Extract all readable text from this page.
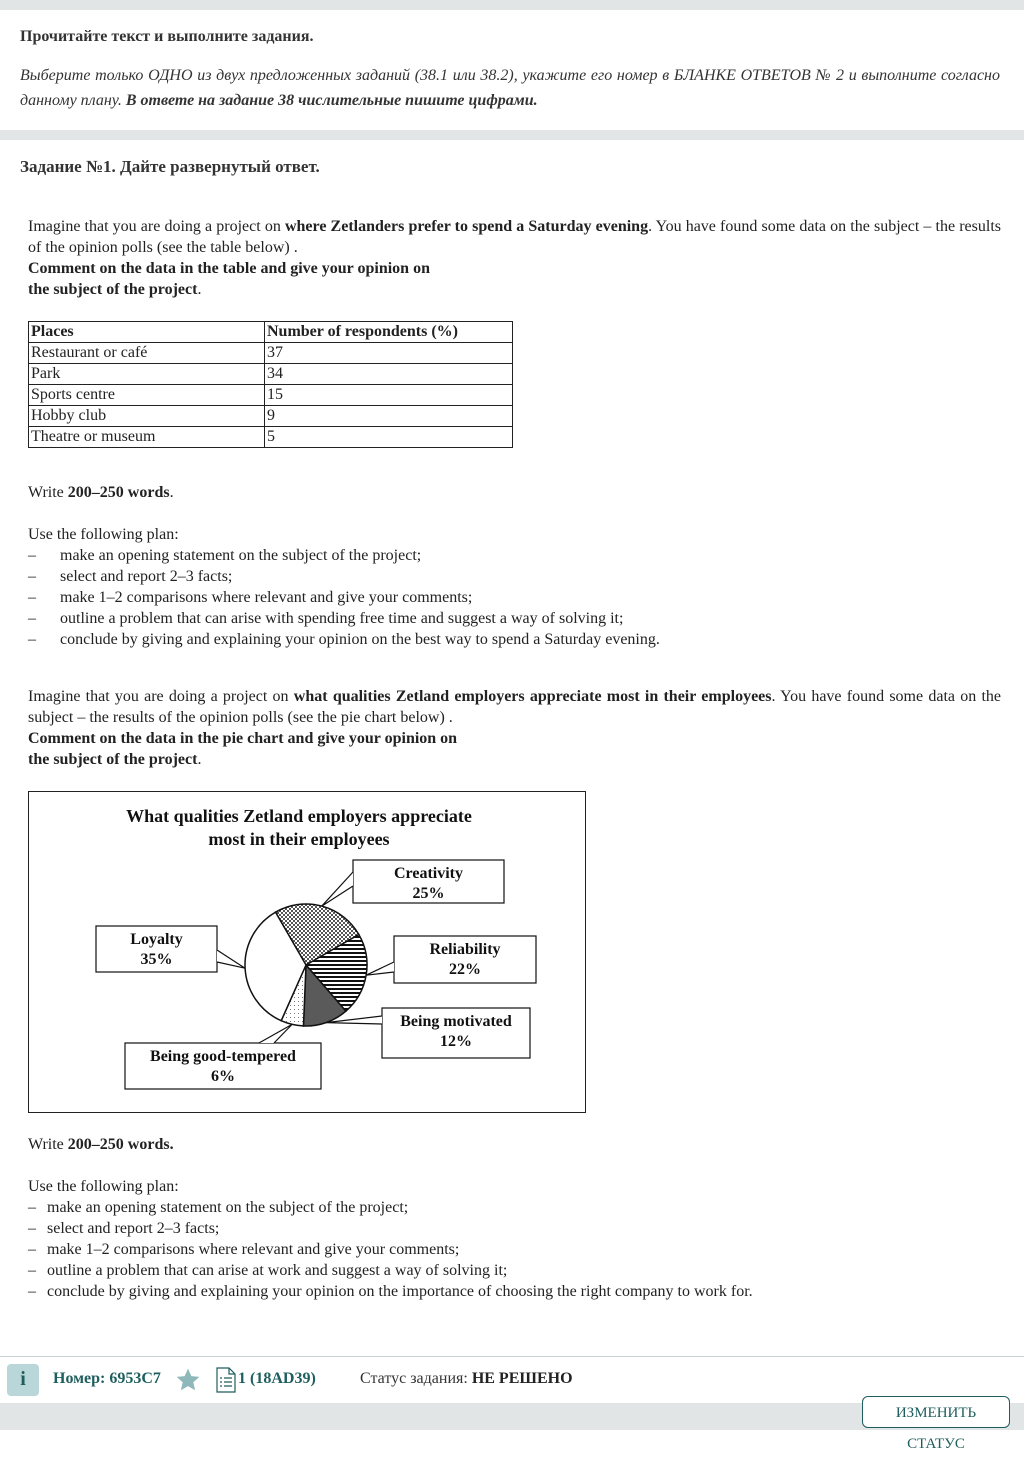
Прочитайте текст и выполните задания.
Выберите только ОДНО из двух предложенных заданий (38.1 или 38.2), укажите его номер в БЛАНКЕ ОТВЕТОВ № 2 и выполните согласно данному плану. В ответе на задание 38 числительные пишите цифрами.
Задание №1. Дайте развернутый ответ.

Imagine that you are doing a project on where Zetlanders prefer to spend a Saturday evening. You have found some data on the subject – the results of the opinion polls (see the table below) .

Comment on the data in the table and give your opinion on
the subject of the project.

Places	Number of respondents (%)
Restaurant or café	37
Park	34
Sports centre	15
Hobby club	9
Theatre or museum	5

Write 200–250 words.

Use the following plan:

–	make an opening statement on the subject of the project;
–	select and report 2–3 facts;
–	make 1–2 comparisons where relevant and give your comments;
–	outline a problem that can arise with spending free time and suggest a way of solving it;
–	conclude by giving and explaining your opinion on the best way to spend a Saturday evening.

Imagine that you are doing a project on what qualities Zetland employers appreciate most in their employees. You have found some data on the subject – the results of the opinion polls (see the pie chart below) .

Comment on the data in the pie chart and give your opinion on
the subject of the project.

What qualities Zetland employers appreciate
most in their employees
Creativity
25%
Reliability
22%
Being motivated
12%
Being good-tempered
6%
Loyalty
35%

Write 200–250 words.

Use the following plan:

– make an opening statement on the subject of the project;
– select and report 2–3 facts;
– make 1–2 comparisons where relevant and give your comments;
– outline a problem that can arise at work and suggest a way of solving it;
– conclude by giving and explaining your opinion on the importance of choosing the right company to work for.
i	Номер: 6953C7	1 (18AD39)	Статус задания: НЕ РЕШЕНО
ИЗМЕНИТЬ СТАТУС
